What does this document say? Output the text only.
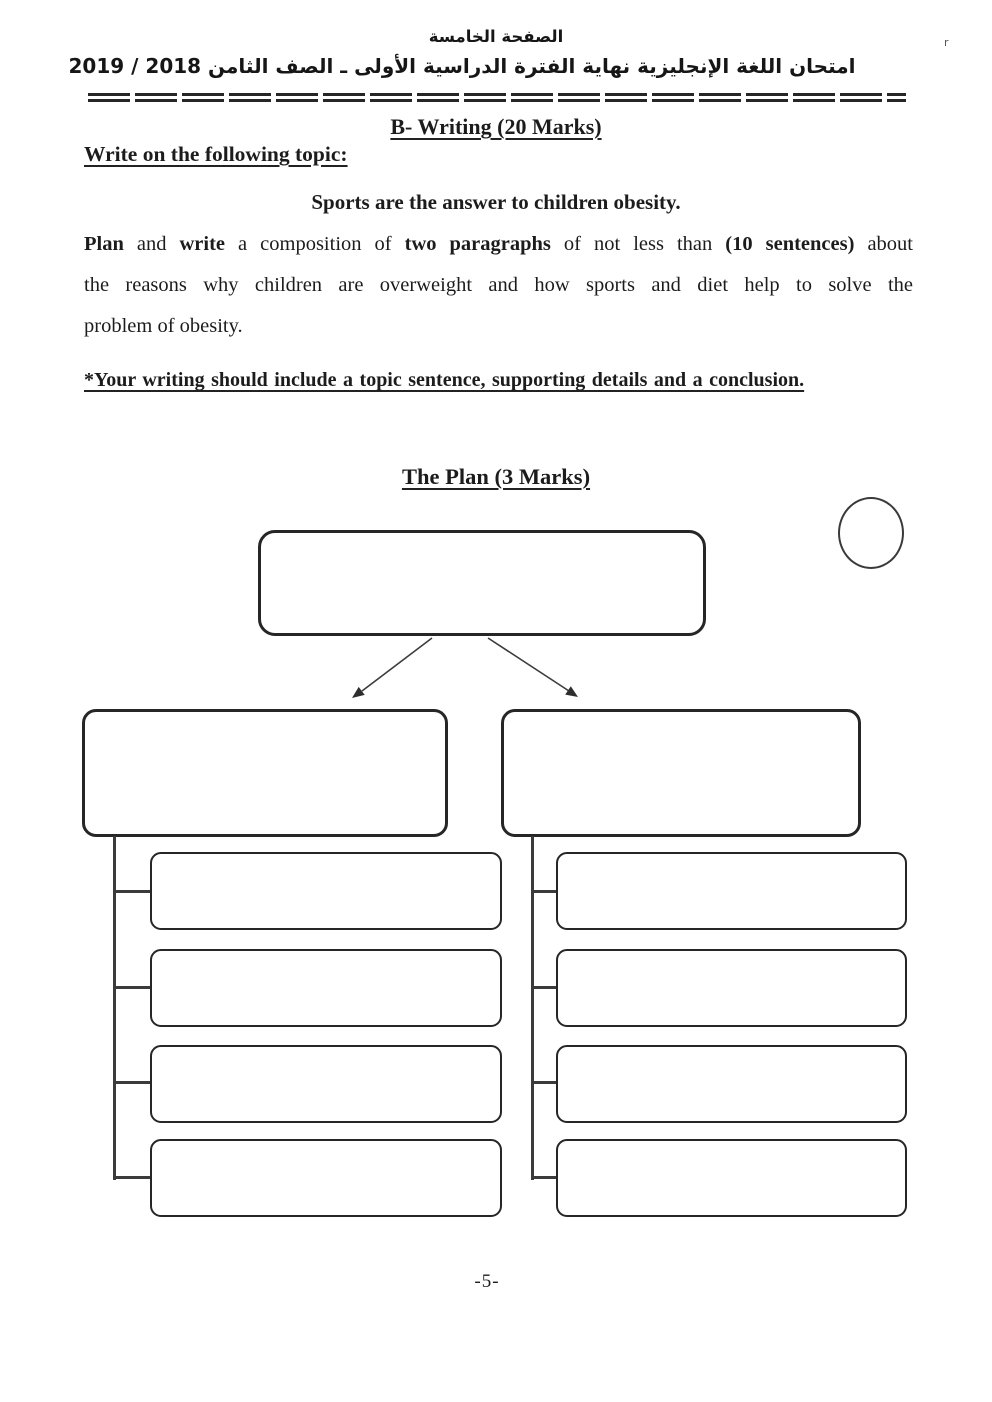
الصفحة الخامسة
امتحان اللغة الإنجليزية نهاية الفترة الدراسية الأولى ـ الصف الثامن 2018 / 2019
r
B- Writing (20 Marks)
Write on the following topic:
Sports are the answer to children obesity.
Plan and write a composition of two paragraphs of not less than (10 sentences) about
the reasons why children are overweight and how sports and diet help to solve the
problem of obesity.
*Your writing should include a topic sentence, supporting details and a conclusion.
The Plan (3 Marks)
-5-
